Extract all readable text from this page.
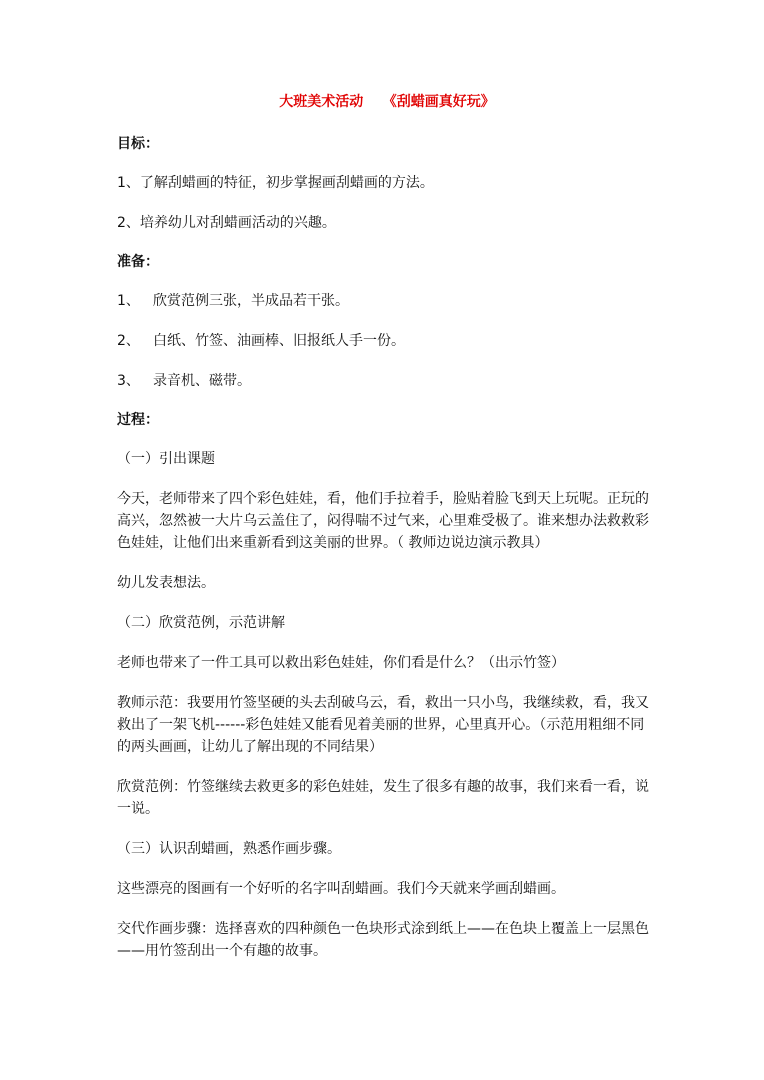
大班美术活动    《刮蜡画真好玩》
目标：
1、了解刮蜡画的特征，初步掌握画刮蜡画的方法。
2、培养幼儿对刮蜡画活动的兴趣。
准备：
1、 欣赏范例三张，半成品若干张。
2、 白纸、竹签、油画棒、旧报纸人手一份。
3、 录音机、磁带。
过程：
（一）引出课题
今天，老师带来了四个彩色娃娃，看，他们手拉着手，脸贴着脸飞到天上玩呢。正玩的高兴，忽然被一大片乌云盖住了，闷得喘不过气来，心里难受极了。谁来想办法救救彩色娃娃，让他们出来重新看到这美丽的世界。（ 教师边说边演示教具）
幼儿发表想法。
（二）欣赏范例，示范讲解
老师也带来了一件工具可以救出彩色娃娃，你们看是什么？（出示竹签）
教师示范：我要用竹签坚硬的头去刮破乌云，看，救出一只小鸟，我继续救，看，我又救出了一架飞机------彩色娃娃又能看见着美丽的世界，心里真开心。（示范用粗细不同的两头画画，让幼儿了解出现的不同结果）
欣赏范例：竹签继续去救更多的彩色娃娃，发生了很多有趣的故事，我们来看一看，说一说。
（三）认识刮蜡画，熟悉作画步骤。
这些漂亮的图画有一个好听的名字叫刮蜡画。我们今天就来学画刮蜡画。
交代作画步骤：选择喜欢的四种颜色一色块形式涂到纸上——在色块上覆盖上一层黑色——用竹签刮出一个有趣的故事。
